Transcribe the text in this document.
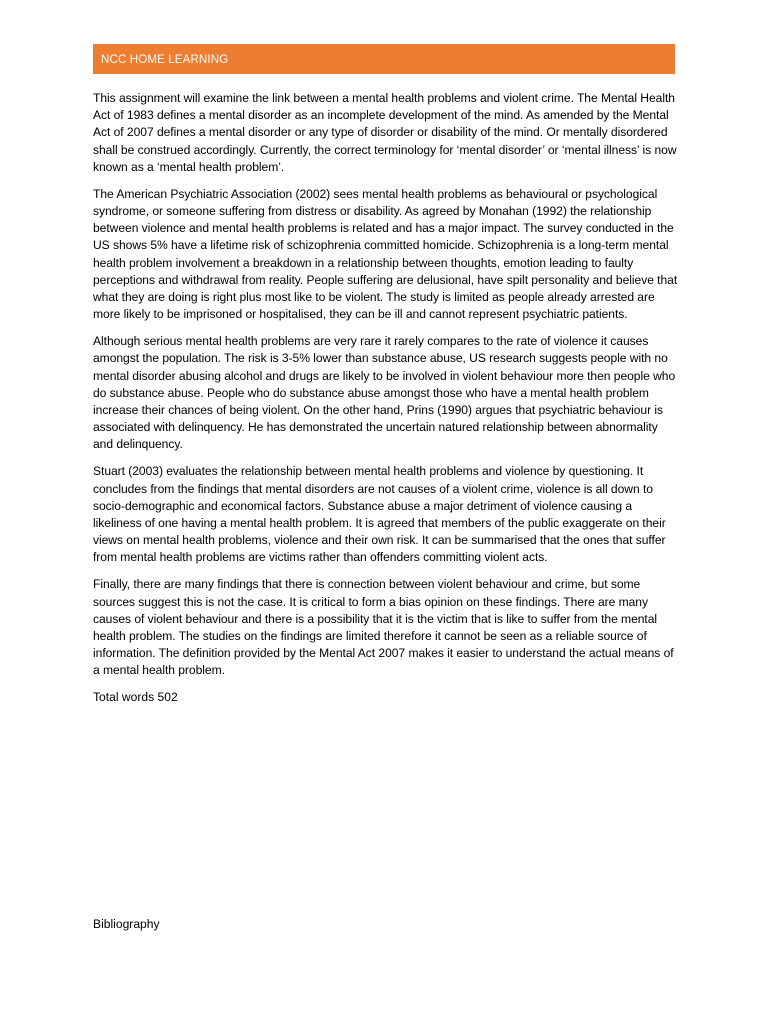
NCC HOME LEARNING

This assignment will examine the link between a mental health problems and violent crime. The Mental Health Act of 1983 defines a mental disorder as an incomplete development of the mind. As amended by the Mental Act of 2007 defines a mental disorder or any type of disorder or disability of the mind. Or mentally disordered shall be construed accordingly. Currently, the correct terminology for ‘mental disorder’ or ‘mental illness’ is now known as a ‘mental health problem’.

The American Psychiatric Association (2002) sees mental health problems as behavioural or psychological syndrome, or someone suffering from distress or disability. As agreed by Monahan (1992) the relationship between violence and mental health problems is related and has a major impact. The survey conducted in the US shows 5% have a lifetime risk of schizophrenia committed homicide. Schizophrenia is a long-term mental health problem involvement a breakdown in a relationship between thoughts, emotion leading to faulty perceptions and withdrawal from reality. People suffering are delusional, have spilt personality and believe that what they are doing is right plus most like to be violent. The study is limited as people already arrested are more likely to be imprisoned or hospitalised, they can be ill and cannot represent psychiatric patients.

Although serious mental health problems are very rare it rarely compares to the rate of violence it causes amongst the population. The risk is 3-5% lower than substance abuse, US research suggests people with no mental disorder abusing alcohol and drugs are likely to be involved in violent behaviour more then people who do substance abuse. People who do substance abuse amongst those who have a mental health problem increase their chances of being violent. On the other hand, Prins (1990) argues that psychiatric behaviour is associated with delinquency. He has demonstrated the uncertain natured relationship between abnormality and delinquency.

Stuart (2003) evaluates the relationship between mental health problems and violence by questioning. It concludes from the findings that mental disorders are not causes of a violent crime, violence is all down to socio-demographic and economical factors. Substance abuse a major detriment of violence causing a likeliness of one having a mental health problem. It is agreed that members of the public exaggerate on their views on mental health problems, violence and their own risk. It can be summarised that the ones that suffer from mental health problems are victims rather than offenders committing violent acts.

Finally, there are many findings that there is connection between violent behaviour and crime, but some sources suggest this is not the case. It is critical to form a bias opinion on these findings. There are many causes of violent behaviour and there is a possibility that it is the victim that is like to suffer from the mental health problem. The studies on the findings are limited therefore it cannot be seen as a reliable source of information. The definition provided by the Mental Act 2007 makes it easier to understand the actual means of a mental health problem.

Total words 502

Bibliography
